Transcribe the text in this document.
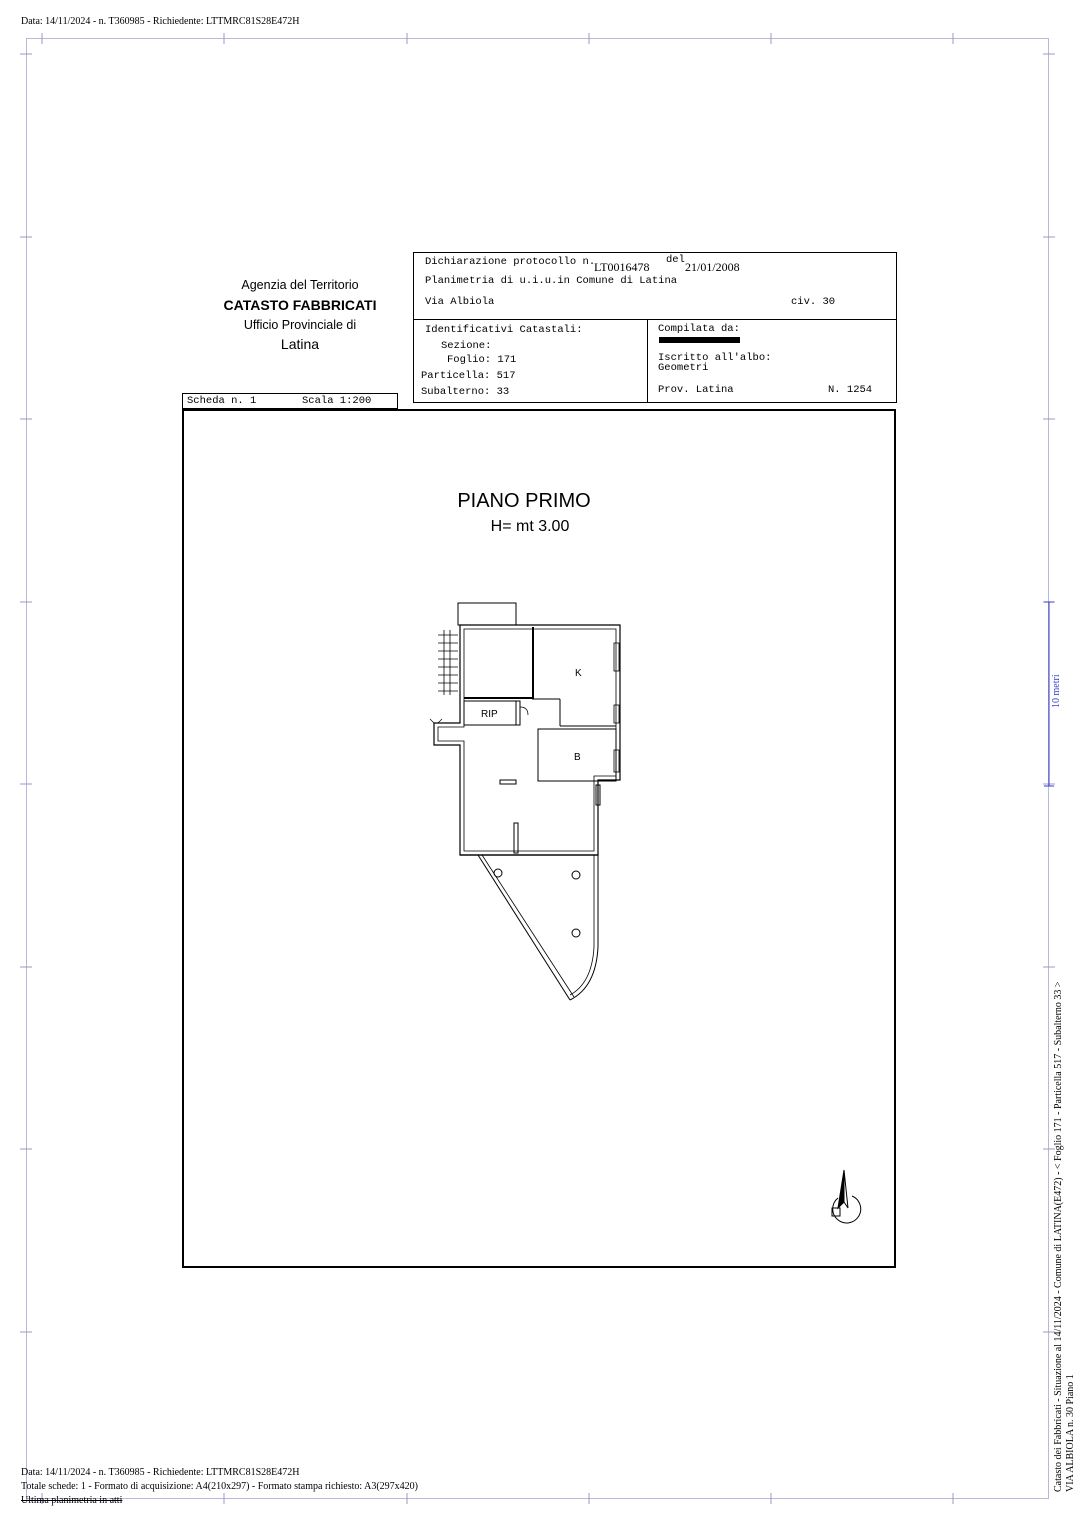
Data: 14/11/2024 - n. T360985 - Richiedente: LTTMRC81S28E472H
Agenzia del Territorio
CATASTO FABBRICATI
Ufficio Provinciale di
Latina
Dichiarazione protocollo n.
LT0016478 del 21/01/2008
Planimetria di u.i.u.in Comune di Latina
Via Albiola	civ. 30
Identificativi Catastali:
Sezione:
Foglio: 171
Particella: 517
Subalterno: 33
Compilata da:
Iscritto all'albo:
Geometri
Prov. Latina	N. 1254
Scheda n. 1	Scala 1:200
PIANO PRIMO
H= mt 3.00
K
RIP
B
10 metri
Catasto dei Fabbricati - Situazione al 14/11/2024 - Comune di LATINA(E472) - < Foglio 171 - Particella 517 - Subalterno 33 > VIA ALBIOLA n. 30 Piano 1
Data: 14/11/2024 - n. T360985 - Richiedente: LTTMRC81S28E472H
Totale schede: 1 - Formato di acquisizione: A4(210x297) - Formato stampa richiesto: A3(297x420)
Ultima planimetria in atti
